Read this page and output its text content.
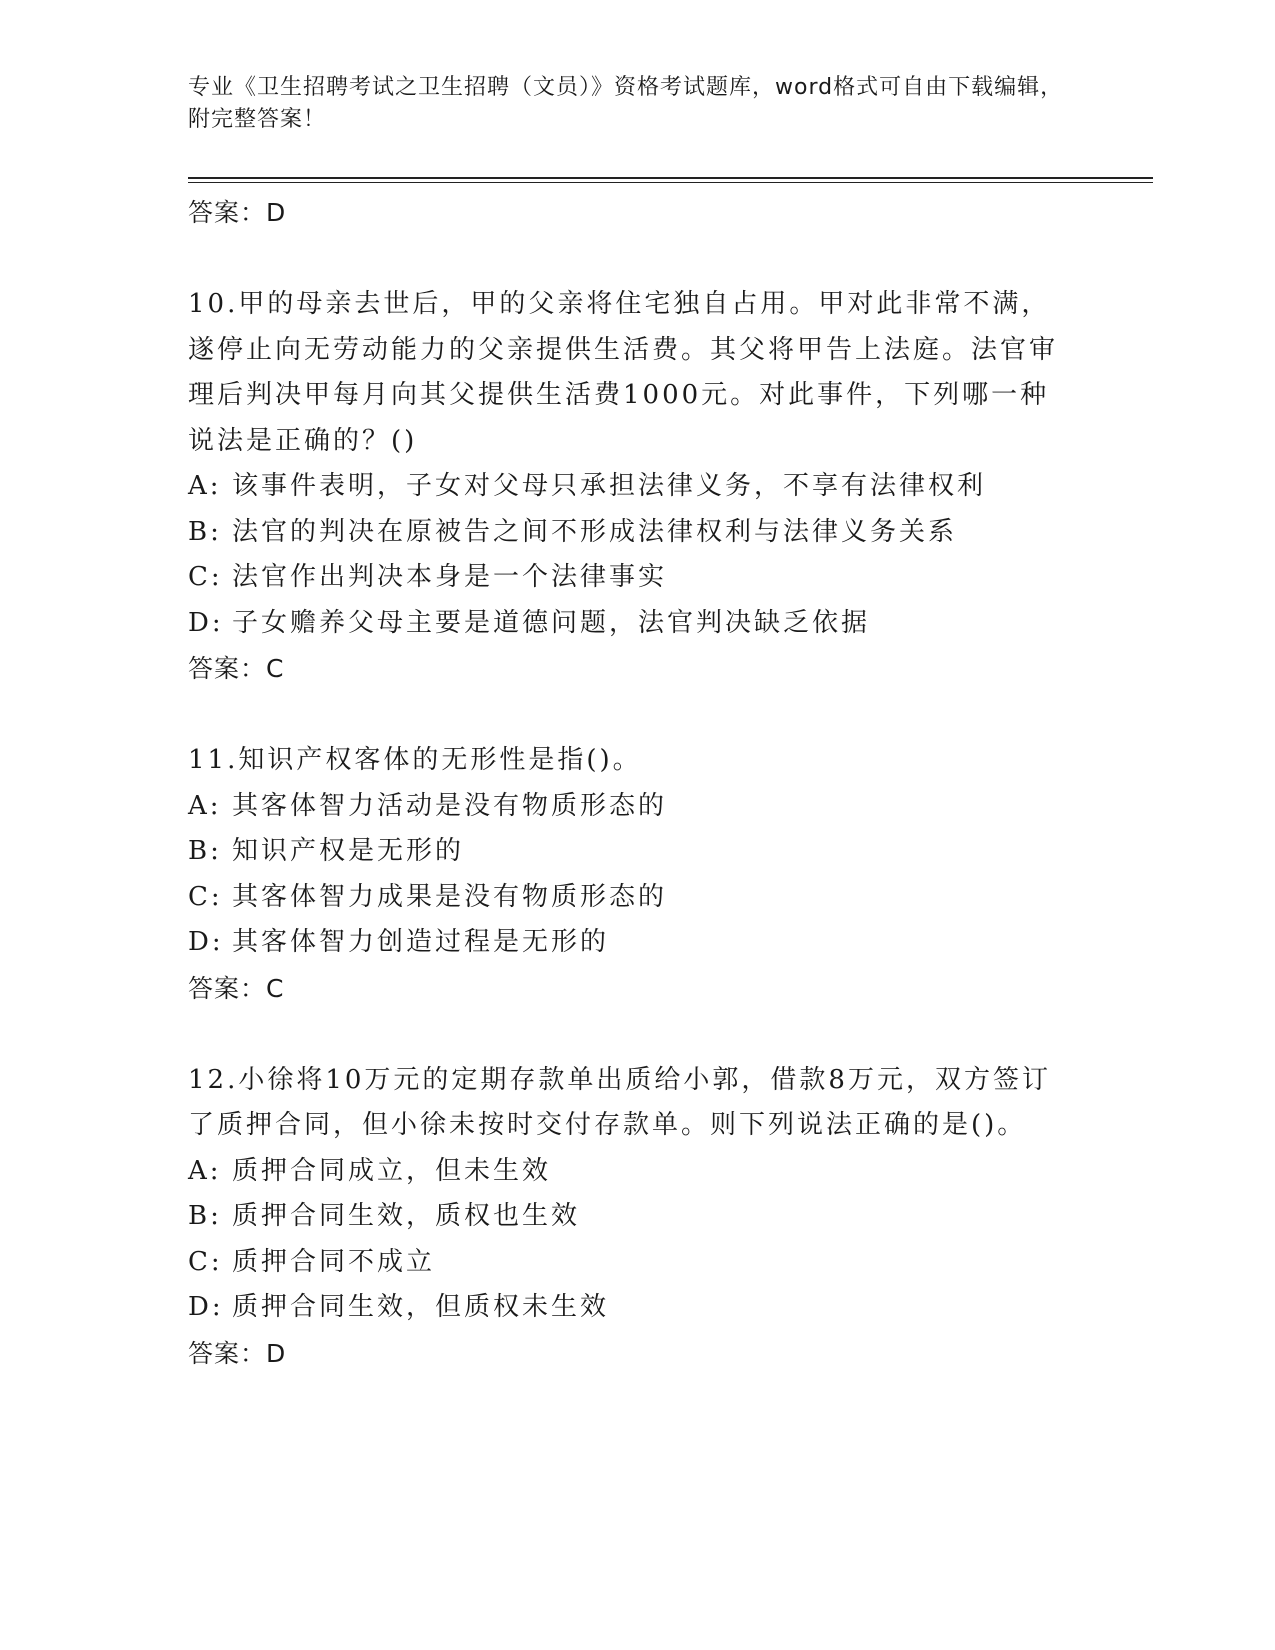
专业《卫生招聘考试之卫生招聘（文员）》资格考试题库，word格式可自由下载编辑，附完整答案！
答案：D
10.甲的母亲去世后，甲的父亲将住宅独自占用。甲对此非常不满，遂停止向无劳动能力的父亲提供生活费。其父将甲告上法庭。法官审理后判决甲每月向其父提供生活费1000元。对此事件，下列哪一种说法是正确的？()
A: 该事件表明，子女对父母只承担法律义务，不享有法律权利
B: 法官的判决在原被告之间不形成法律权利与法律义务关系
C: 法官作出判决本身是一个法律事实
D: 子女赡养父母主要是道德问题，法官判决缺乏依据
答案：C
11.知识产权客体的无形性是指()。
A: 其客体智力活动是没有物质形态的
B: 知识产权是无形的
C: 其客体智力成果是没有物质形态的
D: 其客体智力创造过程是无形的
答案：C
12.小徐将10万元的定期存款单出质给小郭，借款8万元，双方签订了质押合同，但小徐未按时交付存款单。则下列说法正确的是()。
A: 质押合同成立，但未生效
B: 质押合同生效，质权也生效
C: 质押合同不成立
D: 质押合同生效，但质权未生效
答案：D
